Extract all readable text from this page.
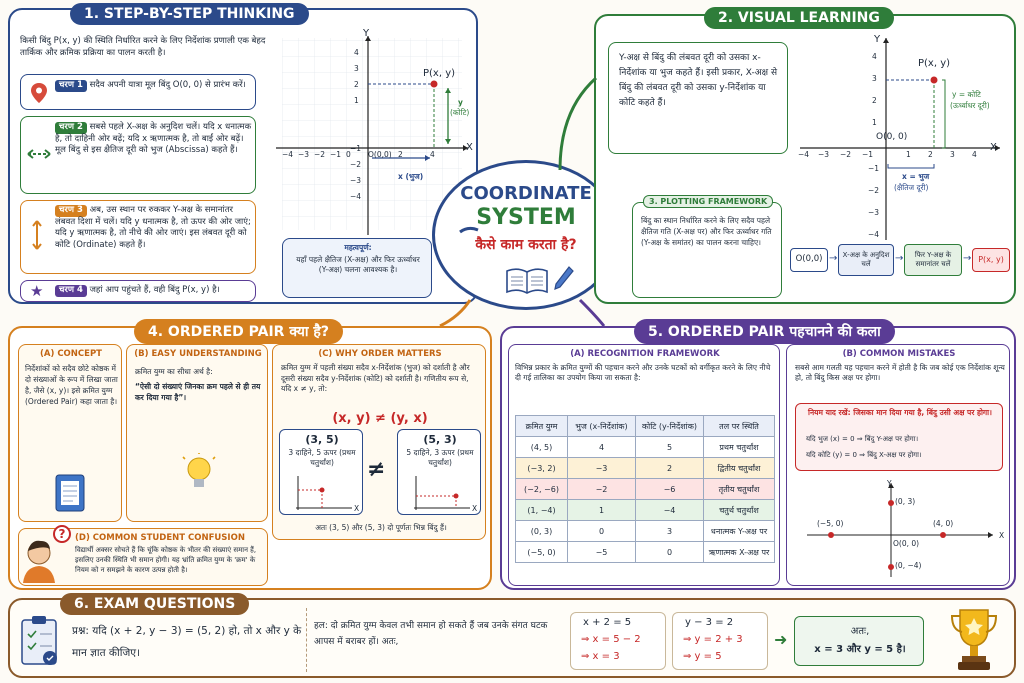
1. STEP-BY-STEP THINKING
किसी बिंदु P(x, y) की स्थिति निर्धारित करने के लिए निर्देशांक प्रणाली एक बेहद तार्किक और क्रमिक प्रक्रिया का पालन करती है।
चरण 1 सदैव अपनी यात्रा मूल बिंदु O(0, 0) से प्रारंभ करें।
चरण 2 सबसे पहले X-अक्ष के अनुदिश चलें। यदि x धनात्मक है, तो दाहिनी ओर बढ़ें; यदि x ऋणात्मक है, तो बाईं ओर बढ़ें। मूल बिंदु से इस क्षैतिज दूरी को भुज (Abscissa) कहते हैं।
चरण 3 अब, उस स्थान पर रुककर Y-अक्ष के समानांतर लंबवत दिशा में चलें। यदि y धनात्मक है, तो ऊपर की ओर जाएं; यदि y ऋणात्मक है, तो नीचे की ओर जाएं। इस लंबवत दूरी को कोटि (Ordinate) कहते हैं।
★	चरण 4 जहां आप पहुंचते हैं, वही बिंदु P(x, y) है।
Y
X
P(x, y)
O(0,0)
y
(कोटि)
x (भुज)
−4 −3 −2 −1 0	2	4
4
3
2
1
−1
−2
−3
−4
महत्वपूर्ण:
यहाँ पहले क्षैतिज (X-अक्ष) और फिर ऊर्ध्वाधर (Y-अक्ष) चलना आवश्यक है।
COORDINATE
SYSTEM
कैसे काम करता है?
2. VISUAL LEARNING
Y-अक्ष से बिंदु की लंबवत दूरी को उसका x-निर्देशांक या भुज कहते हैं। इसी प्रकार, X-अक्ष से बिंदु की लंबवत दूरी को उसका y-निर्देशांक या कोटि कहते हैं।
Y
X
P(x, y)
O(0, 0)
y = कोटि
(ऊर्ध्वाधर दूरी)
x = भुज
(क्षैतिज दूरी)
−4 −3 −2 −1	1 2 3 4
4
3
2
1
−1
−2
−3
−4
3. PLOTTING FRAMEWORK
बिंदु का स्थान निर्धारित करने के लिए सदैव पहले क्षैतिज गति (X-अक्ष पर) और फिर ऊर्ध्वाधर गति (Y-अक्ष के समांतर) का पालन करना चाहिए।
O(0,0) → X-अक्ष के अनुदिश चलें	→	फिर Y-अक्ष के समानांतर चलें	→ P(x, y)
4. ORDERED PAIR क्या है?
(A) CONCEPT
निर्देशांकों को सदैव छोटे कोष्ठक में दो संख्याओं के रूप में लिखा जाता है, जैसे (x, y)। इसे क्रमित युग्म (Ordered Pair) कहा जाता है।
(B) EASY UNDERSTANDING
क्रमित युग्म का सीधा अर्थ है:
“ऐसी दो संख्याएं जिनका क्रम पहले से ही तय कर दिया गया है”।
(C) WHY ORDER MATTERS
क्रमित युग्म में पहली संख्या सदैव x-निर्देशांक (भुज) को दर्शाती है और दूसरी संख्या सदैव y-निर्देशांक (कोटि) को दर्शाती है। गणितीय रूप से, यदि x ≠ y, तो:
(x, y) ≠ (y, x)
(3, 5)
3 दाहिने, 5 ऊपर (प्रथम चतुर्थांश)
X
≠
(5, 3)
5 दाहिने, 3 ऊपर (प्रथम चतुर्थांश)
X
अतः (3, 5) और (5, 3) दो पूर्णतः भिन्न बिंदु हैं।
?	(D) COMMON STUDENT CONFUSION
विद्यार्थी अक्सर सोचते हैं कि चूंकि कोष्ठक के भीतर की संख्याएं समान हैं, इसलिए उनकी स्थिति भी समान होगी। यह भ्रांति क्रमित युग्म के 'क्रम' के नियम को न समझने के कारण उत्पन्न होती है।
5. ORDERED PAIR पहचानने की कला
(A) RECOGNITION FRAMEWORK
विभिन्न प्रकार के क्रमित युग्मों की पहचान करने और उनके घटकों को वर्गीकृत करने के लिए नीचे दी गई तालिका का उपयोग किया जा सकता है:
क्रमित युग्म	भुज (x-निर्देशांक)	कोटि (y-निर्देशांक)	तल पर स्थिति
(4, 5)	4	5	प्रथम चतुर्थांश
(−3, 2)	−3	2	द्वितीय चतुर्थांश
(−2, −6)	−2	−6	तृतीय चतुर्थांश
(1, −4)	1	−4	चतुर्थ चतुर्थांश
(0, 3)	0	3	धनात्मक Y-अक्ष पर
(−5, 0)	−5	0	ऋणात्मक X-अक्ष पर
(B) COMMON MISTAKES
सबसे आम गलती यह पहचान करने में होती है कि जब कोई एक निर्देशांक शून्य हो, तो बिंदु किस अक्ष पर होगा।
नियम याद रखें: जिसका मान दिया गया है, बिंदु उसी अक्ष पर होगा।
यदि भुज (x) = 0 ⇒ बिंदु Y-अक्ष पर होगा।
यदि कोटि (y) = 0 ⇒ बिंदु X-अक्ष पर होगा।
Y
X
(0, 3)
(−5, 0)	(4, 0)
O(0, 0)
(0, −4)
6. EXAM QUESTIONS
प्रश्न: यदि (x + 2, y − 3) = (5, 2) हो, तो x और y के मान ज्ञात कीजिए।
हल: दो क्रमित युग्म केवल तभी समान हो सकते हैं जब उनके संगत घटक आपस में बराबर हों। अतः,
x + 2 = 5
⇒ x = 5 − 2
⇒ x = 3
y − 3 = 2
⇒ y = 2 + 3
⇒ y = 5
➜	अतः,
x = 3 और y = 5 है।
